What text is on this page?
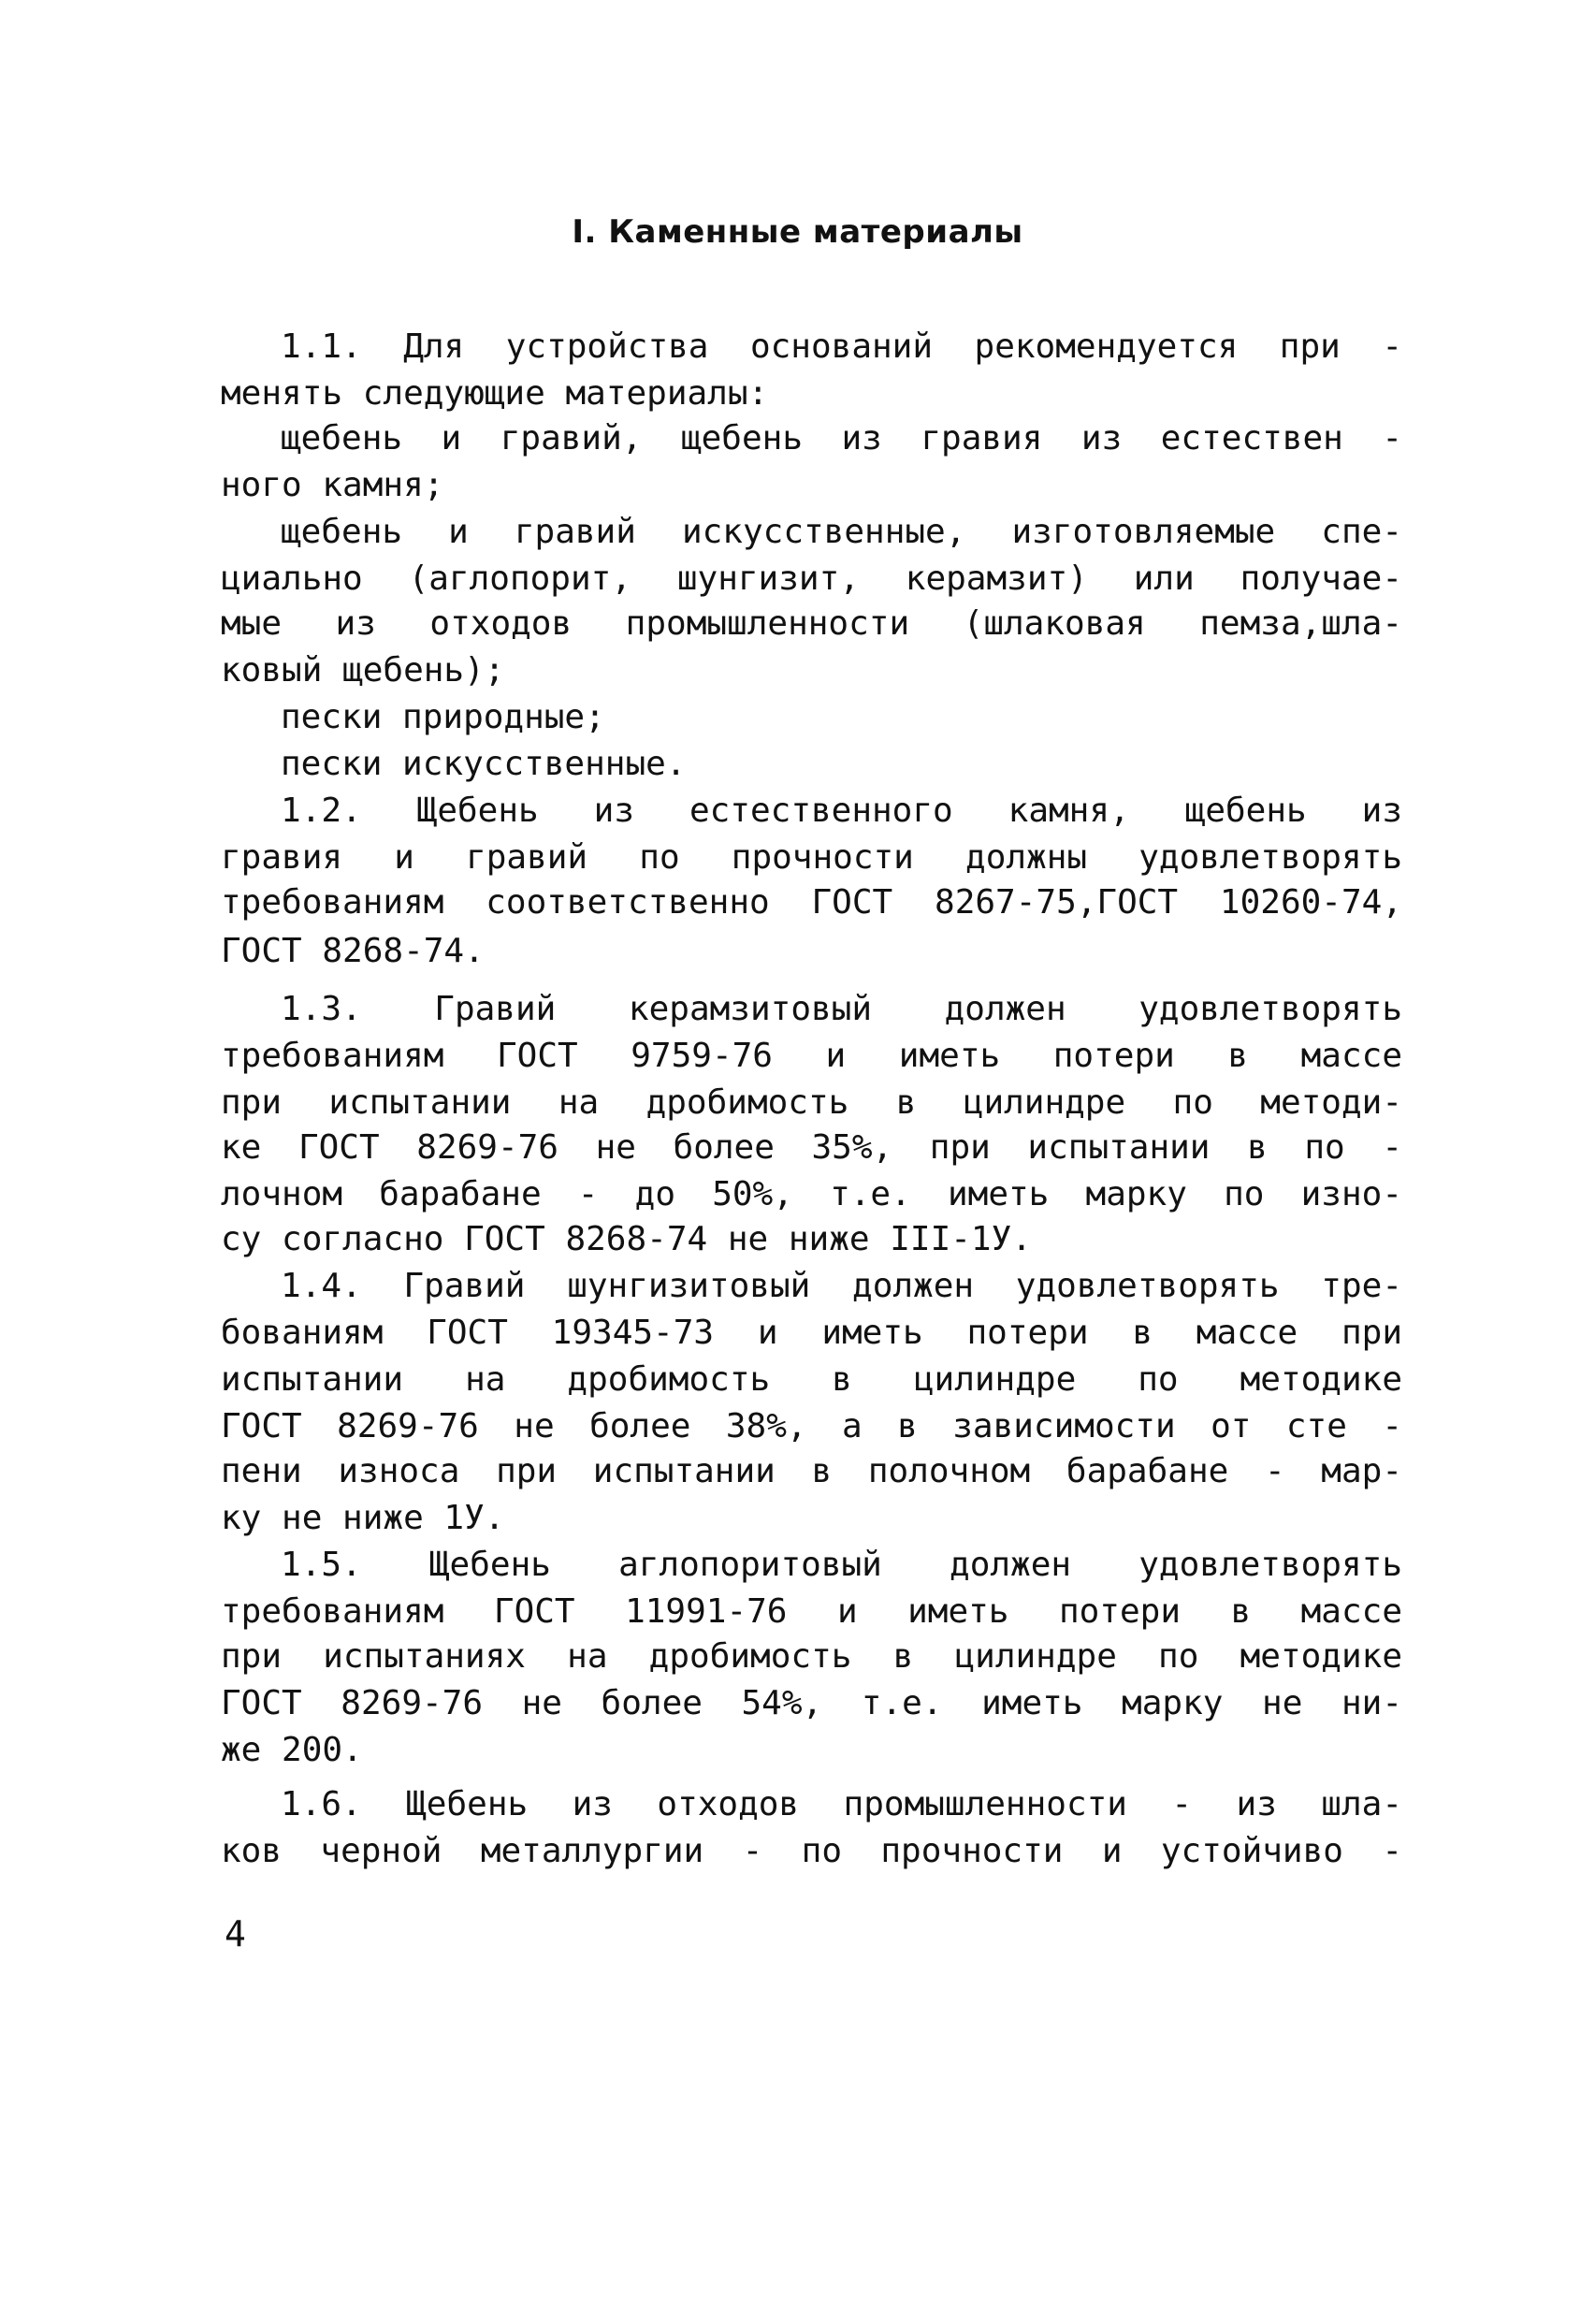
I. Каменные материалы
1.1. Для устройства оснований рекомендуется при -
менять следующие материалы:
щебень и гравий, щебень из гравия из естествен -
ного камня;
щебень и гравий искусственные, изготовляемые спе-
циально (аглопорит, шунгизит, керамзит) или получае-
мые из отходов промышленности (шлаковая пемза,шла-
ковый щебень);
пески природные;
пески искусственные.
1.2. Щебень из естественного камня, щебень из
гравия и гравий по прочности должны удовлетворять
требованиям соответственно ГОСТ 8267-75,ГОСТ 10260-74,
ГОСТ 8268-74.
1.3. Гравий керамзитовый должен удовлетворять
требованиям ГОСТ 9759-76 и иметь потери в массе
при испытании на дробимость в цилиндре по методи-
ке ГОСТ 8269-76 не более 35%, при испытании в по -
лочном барабане - до 50%, т.е. иметь марку по изно-
су согласно ГОСТ 8268-74 не ниже III-1У.
1.4. Гравий шунгизитовый должен удовлетворять тре-
бованиям ГОСТ 19345-73 и иметь потери в массе при
испытании на дробимость в цилиндре по методике
ГОСТ 8269-76 не более 38%, а в зависимости от сте -
пени износа при испытании в полочном барабане - мар-
ку не ниже 1У.
1.5. Щебень аглопоритовый должен удовлетворять
требованиям ГОСТ 11991-76 и иметь потери в массе
при испытаниях на дробимость в цилиндре по методике
ГОСТ 8269-76 не более 54%, т.е. иметь марку не ни-
же 200.
1.6. Щебень из отходов промышленности - из шла-
ков черной металлургии - по прочности и устойчиво -
4
